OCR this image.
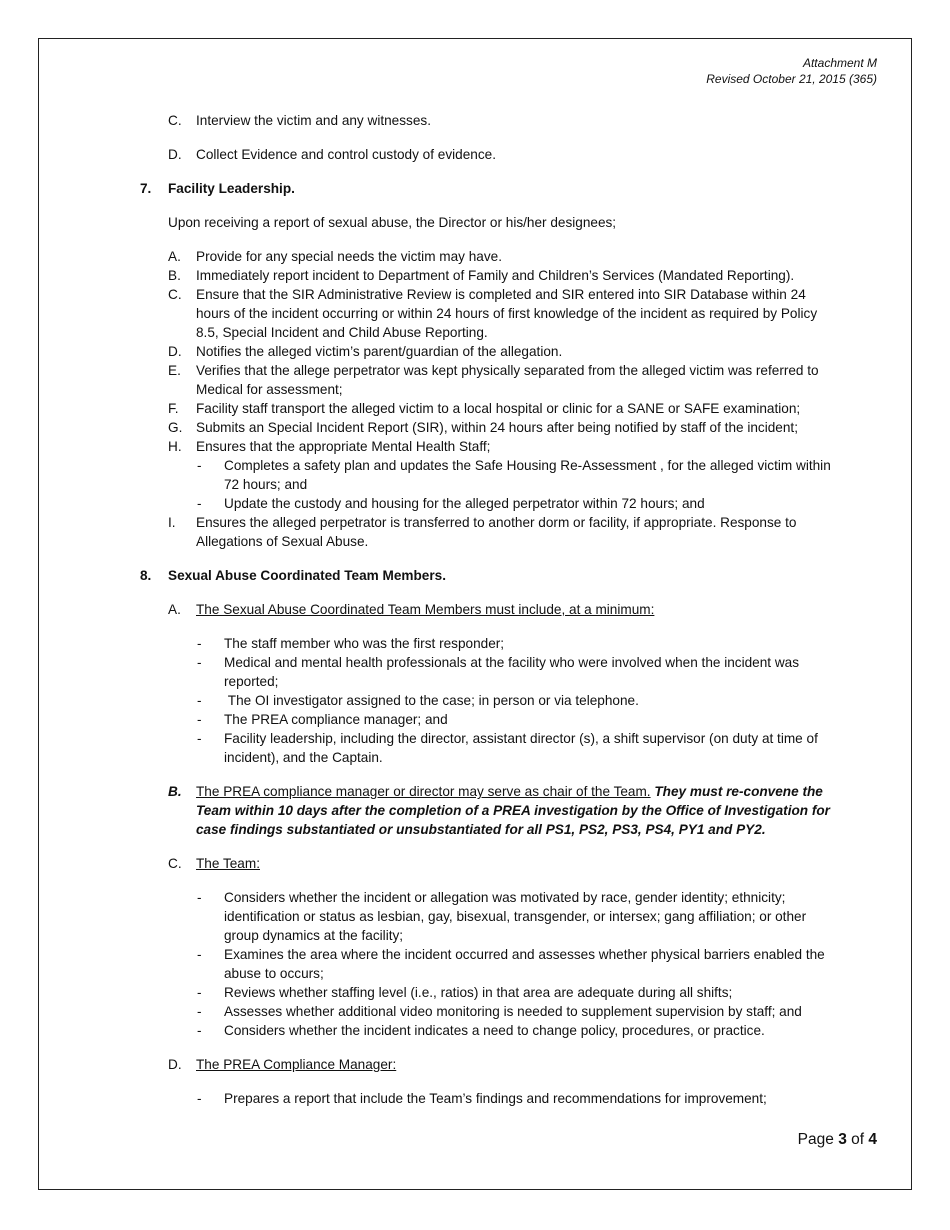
Attachment M
Revised October 21, 2015 (365)
C. Interview the victim and any witnesses.
D. Collect Evidence and control custody of evidence.
7. Facility Leadership.
Upon receiving a report of sexual abuse, the Director or his/her designees;
A. Provide for any special needs the victim may have.
B. Immediately report incident to Department of Family and Children’s Services (Mandated Reporting).
C. Ensure that the SIR Administrative Review is completed and SIR entered into SIR Database within 24 hours of the incident occurring or within 24 hours of first knowledge of the incident as required by Policy 8.5, Special Incident and Child Abuse Reporting.
D. Notifies the alleged victim’s parent/guardian of the allegation.
E. Verifies that the allege perpetrator was kept physically separated from the alleged victim was referred to Medical for assessment;
F. Facility staff transport the alleged victim to a local hospital or clinic for a SANE or SAFE examination;
G. Submits an Special Incident Report (SIR), within 24 hours after being notified by staff of the incident;
H. Ensures that the appropriate Mental Health Staff;
- Completes a safety plan and updates the Safe Housing Re-Assessment , for the alleged victim within 72 hours; and
- Update the custody and housing for the alleged perpetrator within 72 hours; and
I. Ensures the alleged perpetrator is transferred to another dorm or facility, if appropriate. Response to Allegations of Sexual Abuse.
8. Sexual Abuse Coordinated Team Members.
A. The Sexual Abuse Coordinated Team Members must include, at a minimum:
- The staff member who was the first responder;
- Medical and mental health professionals at the facility who were involved when the incident was reported;
- The OI investigator assigned to the case; in person or via telephone.
- The PREA compliance manager; and
- Facility leadership, including the director, assistant director (s), a shift supervisor (on duty at time of incident), and the Captain.
B. The PREA compliance manager or director may serve as chair of the Team. They must re-convene the Team within 10 days after the completion of a PREA investigation by the Office of Investigation for case findings substantiated or unsubstantiated for all PS1, PS2, PS3, PS4, PY1 and PY2.
C. The Team:
- Considers whether the incident or allegation was motivated by race, gender identity; ethnicity; identification or status as lesbian, gay, bisexual, transgender, or intersex; gang affiliation; or other group dynamics at the facility;
- Examines the area where the incident occurred and assesses whether physical barriers enabled the abuse to occurs;
- Reviews whether staffing level (i.e., ratios) in that area are adequate during all shifts;
- Assesses whether additional video monitoring is needed to supplement supervision by staff; and
- Considers whether the incident indicates a need to change policy, procedures, or practice.
D. The PREA Compliance Manager:
- Prepares a report that include the Team’s findings and recommendations for improvement;
Page 3 of 4
